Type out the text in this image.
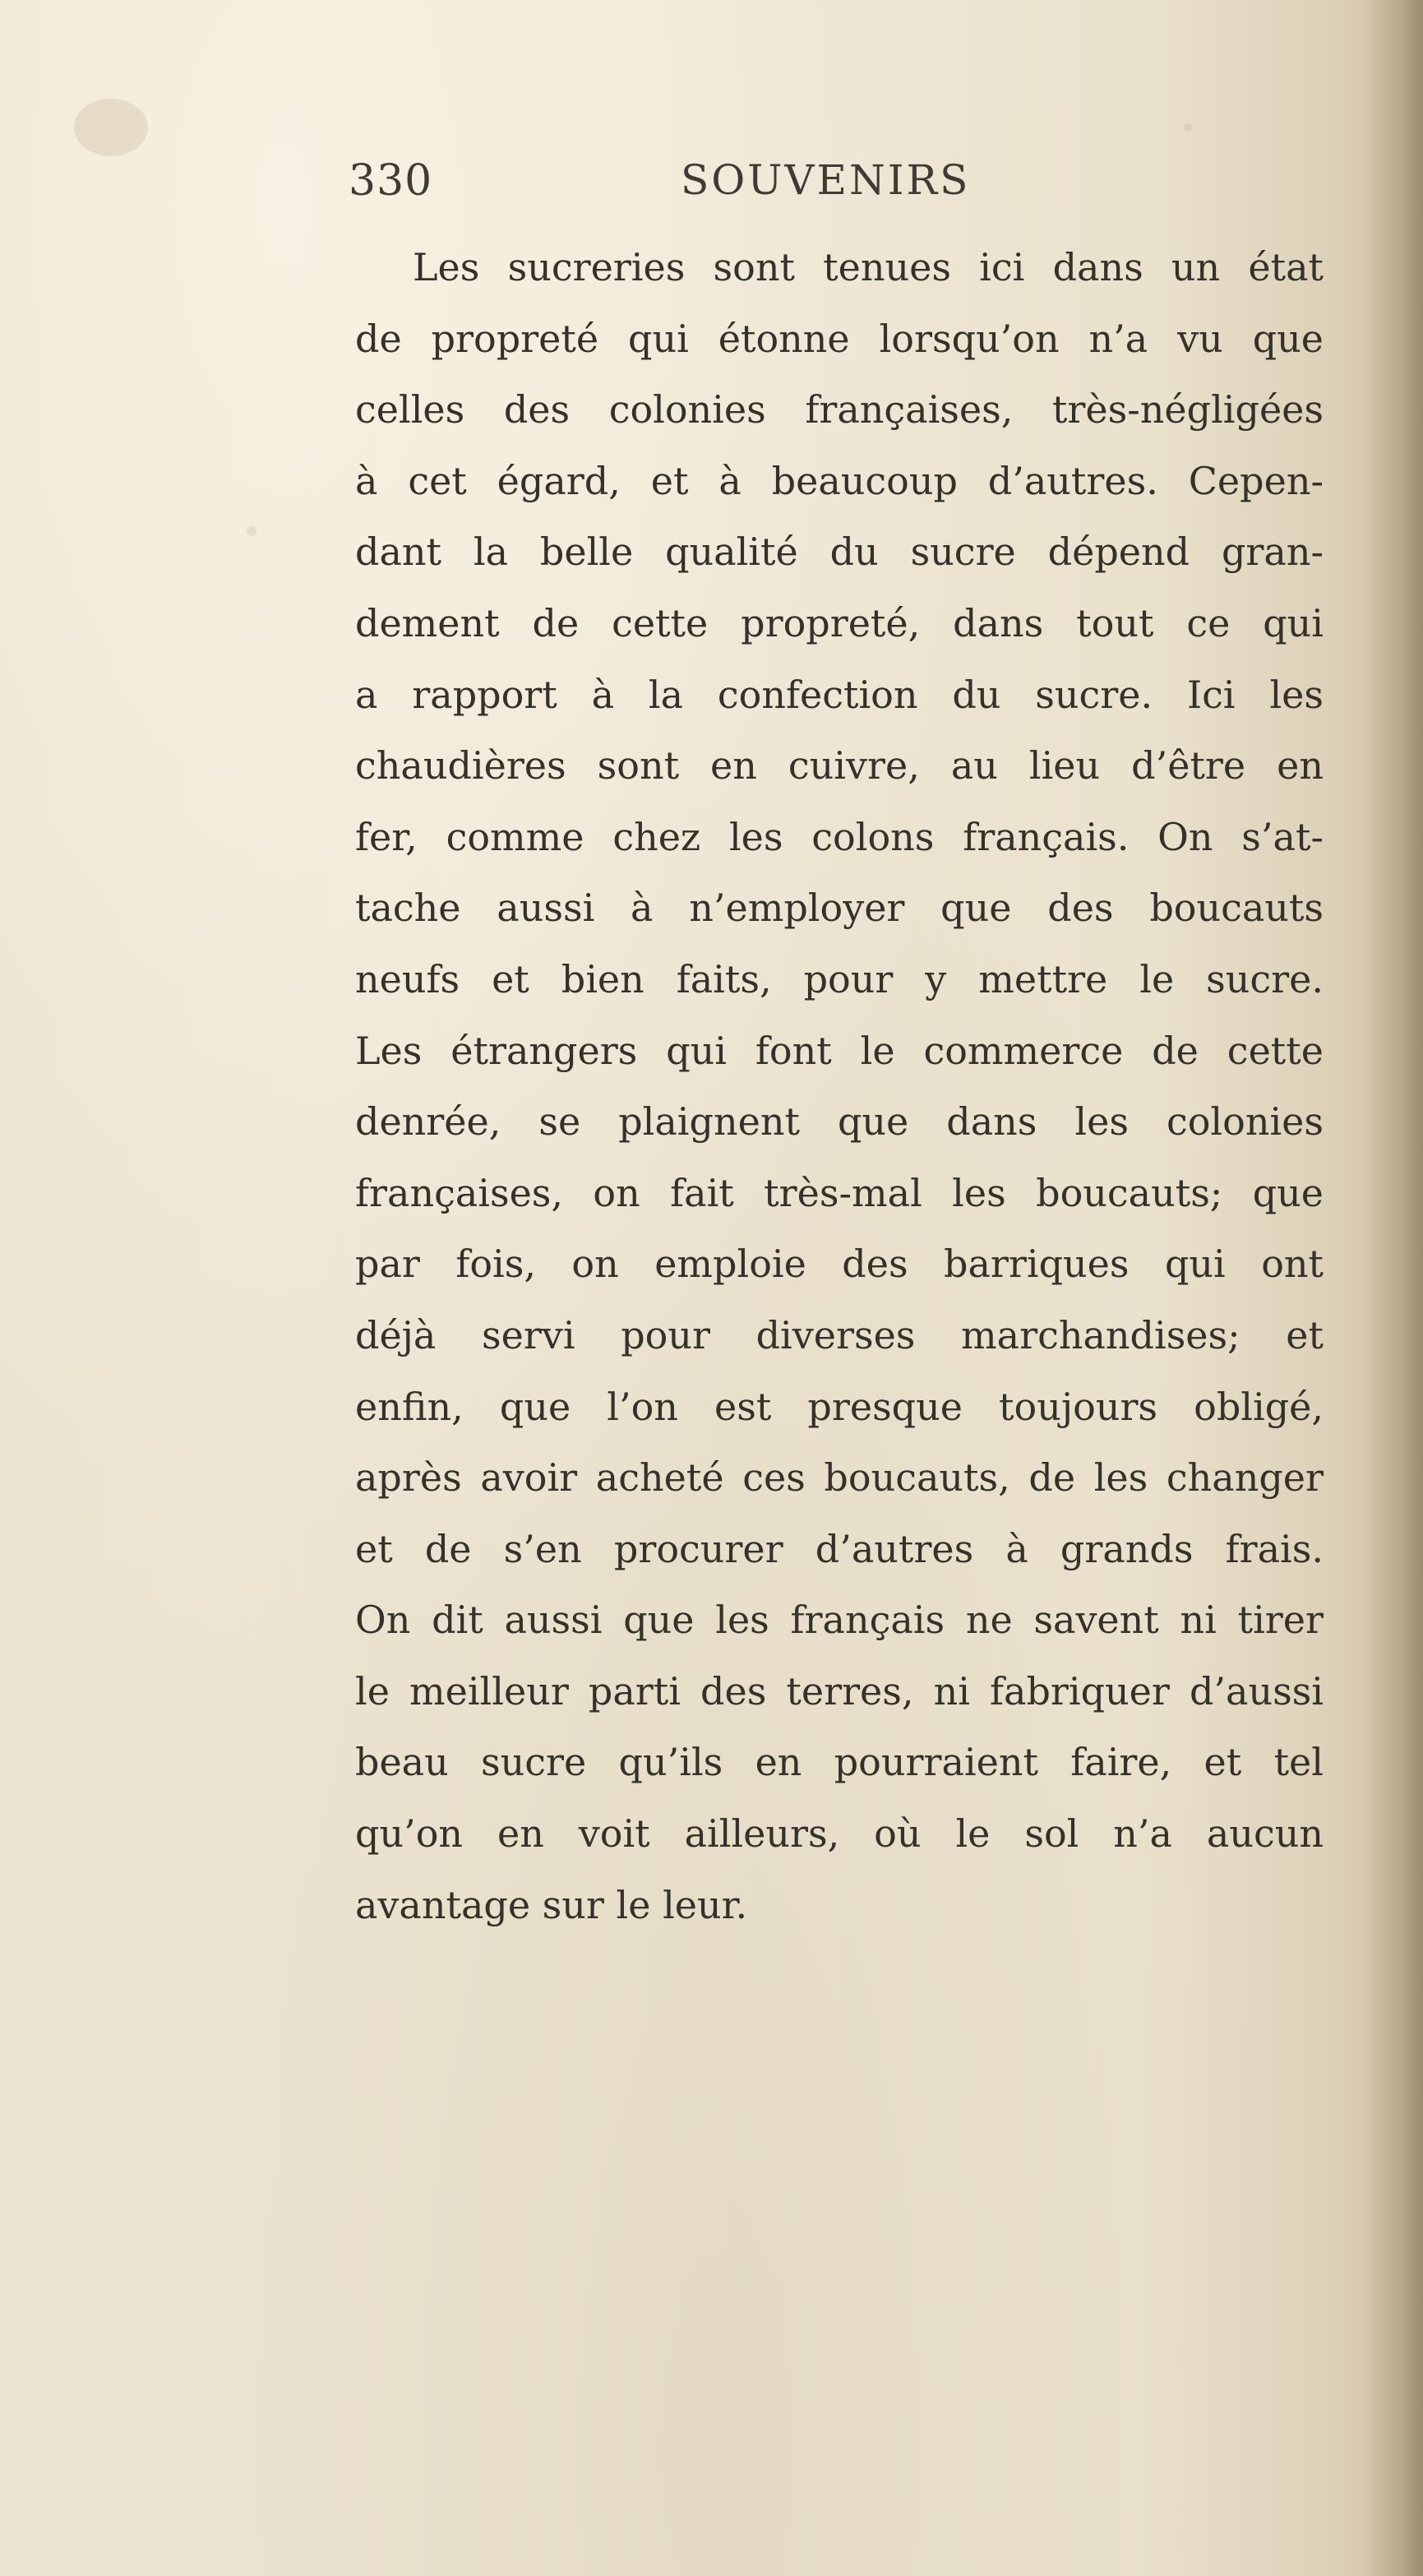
330	SOUVENIRS
Les sucreries sont tenues ici dans un état
de propreté qui étonne lorsqu’on n’a vu que
celles des colonies françaises, très-négligées
à cet égard, et à beaucoup d’autres. Cepen-
dant la belle qualité du sucre dépend gran-
dement de cette propreté, dans tout ce qui
a rapport à la confection du sucre. Ici les
chaudières sont en cuivre, au lieu d’être en
fer, comme chez les colons français. On s’at-
tache aussi à n’employer que des boucauts
neufs et bien faits, pour y mettre le sucre.
Les étrangers qui font le commerce de cette
denrée, se plaignent que dans les colonies
françaises, on fait très-mal les boucauts; que
par fois, on emploie des barriques qui ont
déjà servi pour diverses marchandises; et
enfin, que l’on est presque toujours obligé,
après avoir acheté ces boucauts, de les changer
et de s’en procurer d’autres à grands frais.
On dit aussi que les français ne savent ni tirer
le meilleur parti des terres, ni fabriquer d’aussi
beau sucre qu’ils en pourraient faire, et tel
qu’on en voit ailleurs, où le sol n’a aucun
avantage sur le leur.
